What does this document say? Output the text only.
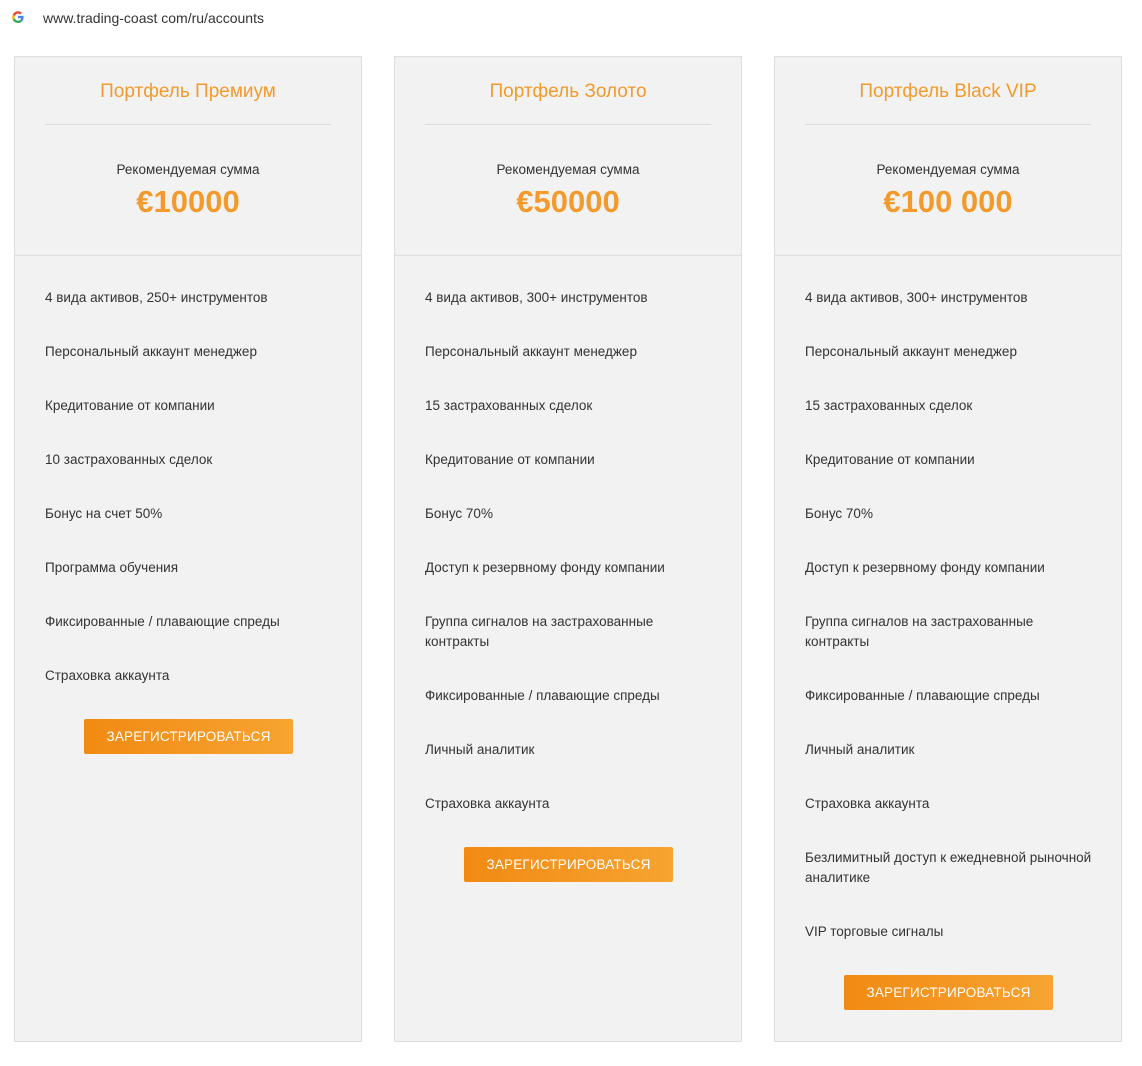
www.trading-coast com/ru/accounts
Портфель Премиум
Рекомендуемая сумма
€10000
4 вида активов, 250+ инструментов
Персональный аккаунт менеджер
Кредитование от компании
10 застрахованных сделок
Бонус на счет 50%
Программа обучения
Фиксированные / плавающие спреды
Страховка аккаунта
ЗАРЕГИСТРИРОВАТЬСЯ
Портфель Золото
Рекомендуемая сумма
€50000
4 вида активов, 300+ инструментов
Персональный аккаунт менеджер
15 застрахованных сделок
Кредитование от компании
Бонус 70%
Доступ к резервному фонду компании
Группа сигналов на застрахованные контракты
Фиксированные / плавающие спреды
Личный аналитик
Страховка аккаунта
ЗАРЕГИСТРИРОВАТЬСЯ
Портфель Black VIP
Рекомендуемая сумма
€100 000
4 вида активов, 300+ инструментов
Персональный аккаунт менеджер
15 застрахованных сделок
Кредитование от компании
Бонус 70%
Доступ к резервному фонду компании
Группа сигналов на застрахованные контракты
Фиксированные / плавающие спреды
Личный аналитик
Страховка аккаунта
Безлимитный доступ к ежедневной рыночной аналитике
VIP торговые сигналы
ЗАРЕГИСТРИРОВАТЬСЯ
